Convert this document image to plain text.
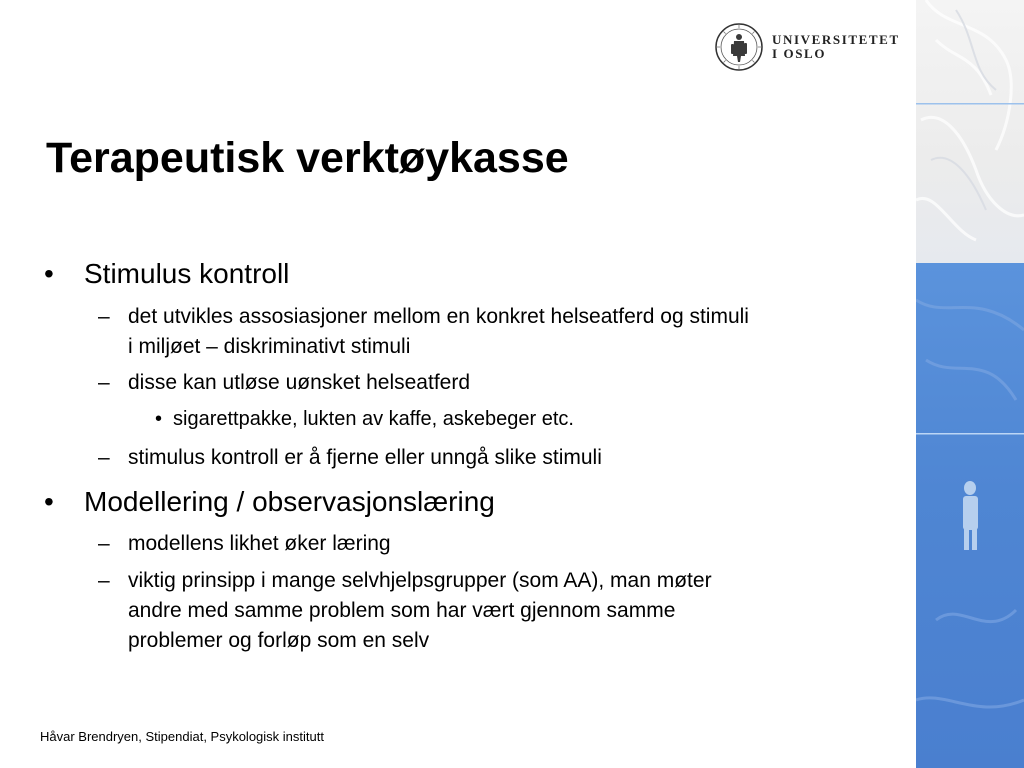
UNIVERSITETET
I OSLO
Terapeutisk verktøykasse
• Stimulus kontroll
– det utvikles assosiasjoner mellom en konkret helseatferd og stimuli
i miljøet – diskriminativt stimuli
– disse kan utløse uønsket helseatferd
• sigarettpakke, lukten av kaffe, askebeger etc.
– stimulus kontroll er å fjerne eller unngå slike stimuli
• Modellering / observasjonslæring
– modellens likhet øker læring
– viktig prinsipp i mange selvhjelpsgrupper (som AA), man møter
andre med samme problem som har vært gjennom samme
problemer og forløp som en selv
Håvar Brendryen, Stipendiat, Psykologisk institutt
